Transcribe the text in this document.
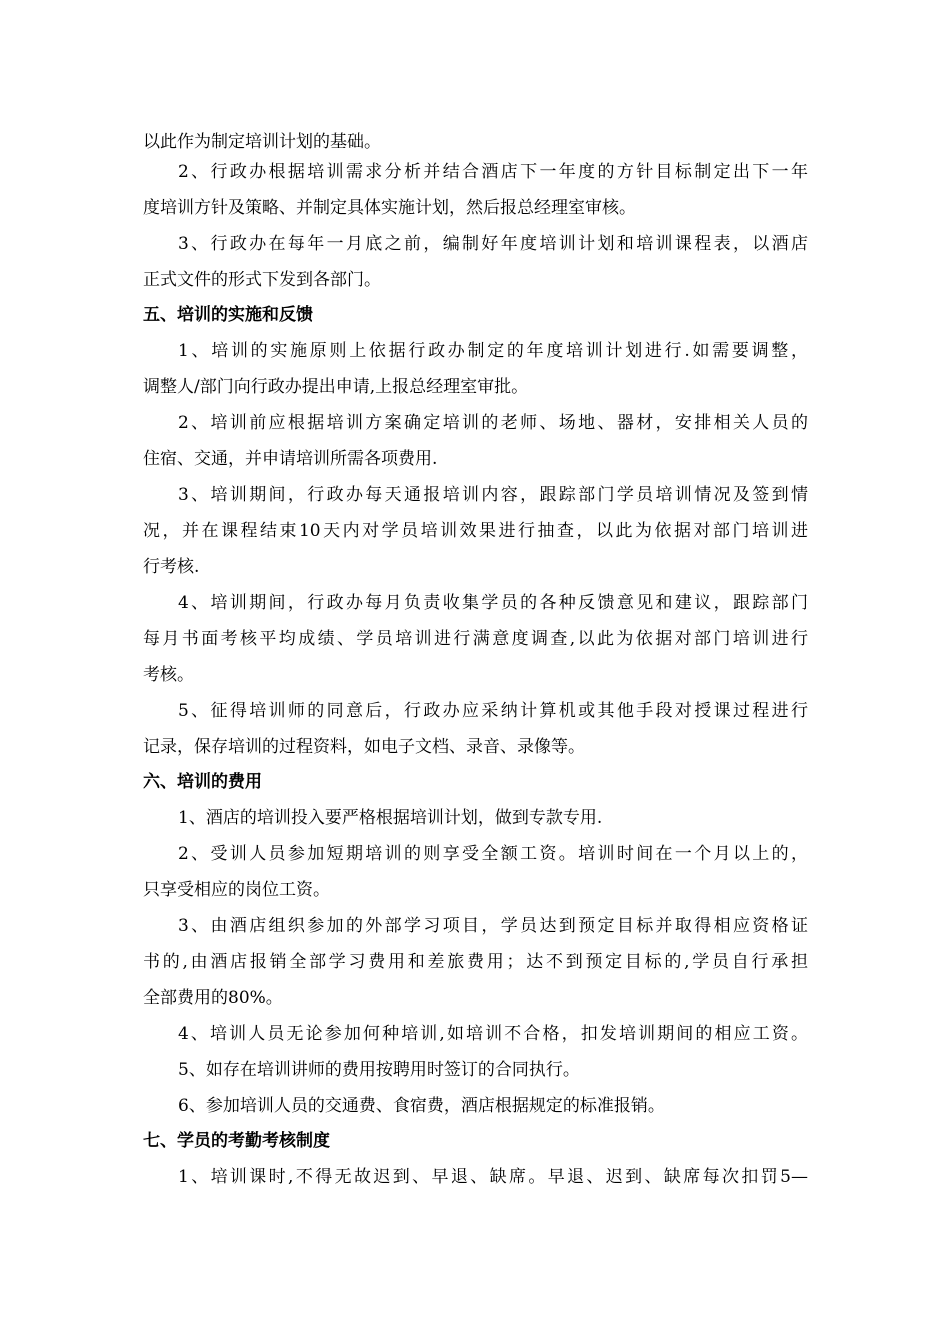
以此作为制定培训计划的基础。
2、行政办根据培训需求分析并结合酒店下一年度的方针目标制定出下一年
度培训方针及策略、并制定具体实施计划，然后报总经理室审核。
3、行政办在每年一月底之前，编制好年度培训计划和培训课程表，以酒店
正式文件的形式下发到各部门。
五、培训的实施和反馈
1、培训的实施原则上依据行政办制定的年度培训计划进行.如需要调整，
调整人/部门向行政办提出申请,上报总经理室审批。
2、培训前应根据培训方案确定培训的老师、场地、器材，安排相关人员的
住宿、交通，并申请培训所需各项费用.
3、培训期间，行政办每天通报培训内容，跟踪部门学员培训情况及签到情
况，并在课程结束10天内对学员培训效果进行抽查，以此为依据对部门培训进
行考核.
4、培训期间，行政办每月负责收集学员的各种反馈意见和建议，跟踪部门
每月书面考核平均成绩、学员培训进行满意度调查,以此为依据对部门培训进行
考核。
5、征得培训师的同意后，行政办应采纳计算机或其他手段对授课过程进行
记录，保存培训的过程资料，如电子文档、录音、录像等。
六、培训的费用
1、酒店的培训投入要严格根据培训计划，做到专款专用.
2、受训人员参加短期培训的则享受全额工资。培训时间在一个月以上的，
只享受相应的岗位工资。
3、由酒店组织参加的外部学习项目，学员达到预定目标并取得相应资格证
书的,由酒店报销全部学习费用和差旅费用；达不到预定目标的,学员自行承担
全部费用的80%。
4、培训人员无论参加何种培训,如培训不合格，扣发培训期间的相应工资。
5、如存在培训讲师的费用按聘用时签订的合同执行。
6、参加培训人员的交通费、食宿费，酒店根据规定的标准报销。
七、学员的考勤考核制度
1、培训课时,不得无故迟到、早退、缺席。早退、迟到、缺席每次扣罚5—
